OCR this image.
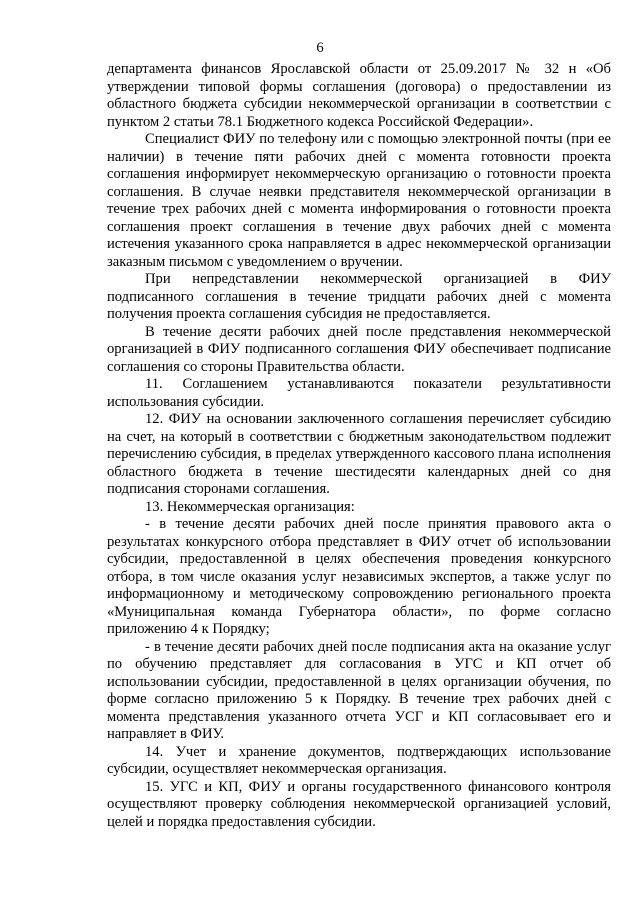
6

департамента финансов Ярославской области от 25.09.2017 № 32 н «Об утверждении типовой формы соглашения (договора) о предоставлении из областного бюджета субсидии некоммерческой организации в соответствии с пунктом 2 статьи 78.1 Бюджетного кодекса Российской Федерации».

Специалист ФИУ по телефону или с помощью электронной почты (при ее наличии) в течение пяти рабочих дней с момента готовности проекта соглашения информирует некоммерческую организацию о готовности проекта соглашения. В случае неявки представителя некоммерческой организации в течение трех рабочих дней с момента информирования о готовности проекта соглашения проект соглашения в течение двух рабочих дней с момента истечения указанного срока направляется в адрес некоммерческой организации заказным письмом с уведомлением о вручении.

При непредставлении некоммерческой организацией в ФИУ подписанного соглашения в течение тридцати рабочих дней с момента получения проекта соглашения субсидия не предоставляется.

В течение десяти рабочих дней после представления некоммерческой организацией в ФИУ подписанного соглашения ФИУ обеспечивает подписание соглашения со стороны Правительства области.

11. Соглашением устанавливаются показатели результативности использования субсидии.

12. ФИУ на основании заключенного соглашения перечисляет субсидию на счет, на который в соответствии с бюджетным законодательством подлежит перечислению субсидия, в пределах утвержденного кассового плана исполнения областного бюджета в течение шестидесяти календарных дней со дня подписания сторонами соглашения.

13. Некоммерческая организация:

- в течение десяти рабочих дней после принятия правового акта о результатах конкурсного отбора представляет в ФИУ отчет об использовании субсидии, предоставленной в целях обеспечения проведения конкурсного отбора, в том числе оказания услуг независимых экспертов, а также услуг по информационному и методическому сопровождению регионального проекта «Муниципальная команда Губернатора области», по форме согласно приложению 4 к Порядку;

- в течение десяти рабочих дней после подписания акта на оказание услуг по обучению представляет для согласования в УГС и КП отчет об использовании субсидии, предоставленной в целях организации обучения, по форме согласно приложению 5 к Порядку. В течение трех рабочих дней с момента представления указанного отчета УСГ и КП согласовывает его и направляет в ФИУ.

14. Учет и хранение документов, подтверждающих использование субсидии, осуществляет некоммерческая организация.

15. УГС и КП, ФИУ и органы государственного финансового контроля осуществляют проверку соблюдения некоммерческой организацией условий, целей и порядка предоставления субсидии.
